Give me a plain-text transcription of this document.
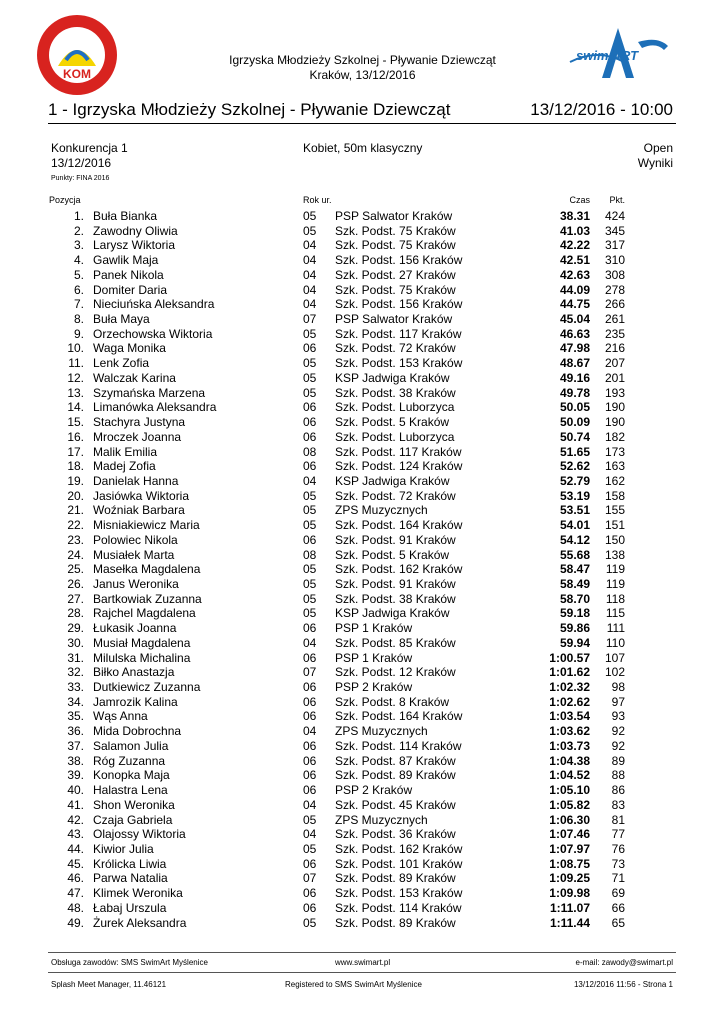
KOM
swim ART
Igrzyska Młodzieży Szkolnej - Pływanie Dziewcząt
Kraków, 13/12/2016
1 - Igrzyska Młodzieży Szkolnej - Pływanie Dziewcząt	13/12/2016 - 10:00
Konkurencja 1
13/12/2016
Kobiet, 50m klasyczny	Open
Wyniki
Punkty: FINA 2016
Pozycja	Rok ur.	Czas	Pkt.
1. Buła Bianka	05 PSP Salwator Kraków	38.31	424
2. Zawodny Oliwia	05 Szk. Podst. 75 Kraków	41.03	345
3. Larysz Wiktoria	04 Szk. Podst. 75 Kraków	42.22	317
4. Gawlik Maja	04 Szk. Podst. 156 Kraków	42.51	310
5. Panek Nikola	04 Szk. Podst. 27 Kraków	42.63	308
6. Domiter Daria	04 Szk. Podst. 75 Kraków	44.09	278
7. Niecіuńska Aleksandra	04 Szk. Podst. 156 Kraków	44.75	266
8. Buła Maya	07 PSP Salwator Kraków	45.04	261
9. Orzechowska Wiktoria	05 Szk. Podst. 117 Kraków	46.63	235
10. Waga Monika	06 Szk. Podst. 72 Kraków	47.98	216
11. Lenk Zofia	05 Szk. Podst. 153 Kraków	48.67	207
12. Walczak Karina	05 KSP Jadwiga Kraków	49.16	201
13. Szymańska Marzena	05 Szk. Podst. 38 Kraków	49.78	193
14. Limanówka Aleksandra	06 Szk. Podst. Luborzyca	50.05	190
15. Stachyra Justyna	06 Szk. Podst. 5 Kraków	50.09	190
16. Mroczek Joanna	06 Szk. Podst. Luborzyca	50.74	182
17. Malik Emilia	08 Szk. Podst. 117 Kraków	51.65	173
18. Madej Zofia	06 Szk. Podst. 124 Kraków	52.62	163
19. Danielak Hanna	04 KSP Jadwiga Kraków	52.79	162
20. Jasiówka Wiktoria	05 Szk. Podst. 72 Kraków	53.19	158
21. Woźniak Barbara	05 ZPS Muzycznych	53.51	155
22. Misniakiewicz Maria	05 Szk. Podst. 164 Kraków	54.01	151
23. Polowiec Nikola	06 Szk. Podst. 91 Kraków	54.12	150
24. Musiałek Marta	08 Szk. Podst. 5 Kraków	55.68	138
25. Masełka Magdalena	05 Szk. Podst. 162 Kraków	58.47	119
26. Janus Weronika	05 Szk. Podst. 91 Kraków	58.49	119
27. Bartkowiak Zuzanna	05 Szk. Podst. 38 Kraków	58.70	118
28. Rajchel Magdalena	05 KSP Jadwiga Kraków	59.18	115
29. Łukasik Joanna	06 PSP 1 Kraków	59.86	111
30. Musiał Magdalena	04 Szk. Podst. 85 Kraków	59.94	110
31. Milulska Michalina	06 PSP 1 Kraków	1:00.57	107
32. Biłko Anastazja	07 Szk. Podst. 12 Kraków	1:01.62	102
33. Dutkiewicz Zuzanna	06 PSP 2 Kraków	1:02.32	98
34. Jamrozik Kalina	06 Szk. Podst. 8 Kraków	1:02.62	97
35. Wąs Anna	06 Szk. Podst. 164 Kraków	1:03.54	93
36. Mida Dobrochna	04 ZPS Muzycznych	1:03.62	92
37. Salamon Julia	06 Szk. Podst. 114 Kraków	1:03.73	92
38. Róg Zuzanna	06 Szk. Podst. 87 Kraków	1:04.38	89
39. Konopka Maja	06 Szk. Podst. 89 Kraków	1:04.52	88
40. Halastra Lena	06 PSP 2 Kraków	1:05.10	86
41. Shon Weronika	04 Szk. Podst. 45 Kraków	1:05.82	83
42. Czaja Gabriela	05 ZPS Muzycznych	1:06.30	81
43. Olajossy Wiktoria	04 Szk. Podst. 36 Kraków	1:07.46	77
44. Kiwior Julia	05 Szk. Podst. 162 Kraków	1:07.97	76
45. Królicka Liwia	06 Szk. Podst. 101 Kraków	1:08.75	73
46. Parwa Natalia	07 Szk. Podst. 89 Kraków	1:09.25	71
47. Klimek Weronika	06 Szk. Podst. 153 Kraków	1:09.98	69
48. Łabaj Urszula	06 Szk. Podst. 114 Kraków	1:11.07	66
49. Żurek Aleksandra	05 Szk. Podst. 89 Kraków	1:11.44	65
Obsługa zawodów: SMS SwimArt Myślenice	www.swimart.pl	e-mail: zawody@swimart.pl
Splash Meet Manager, 11.46121	Registered to SMS SwimArt Myślenice	13/12/2016 11:56 - Strona 1
